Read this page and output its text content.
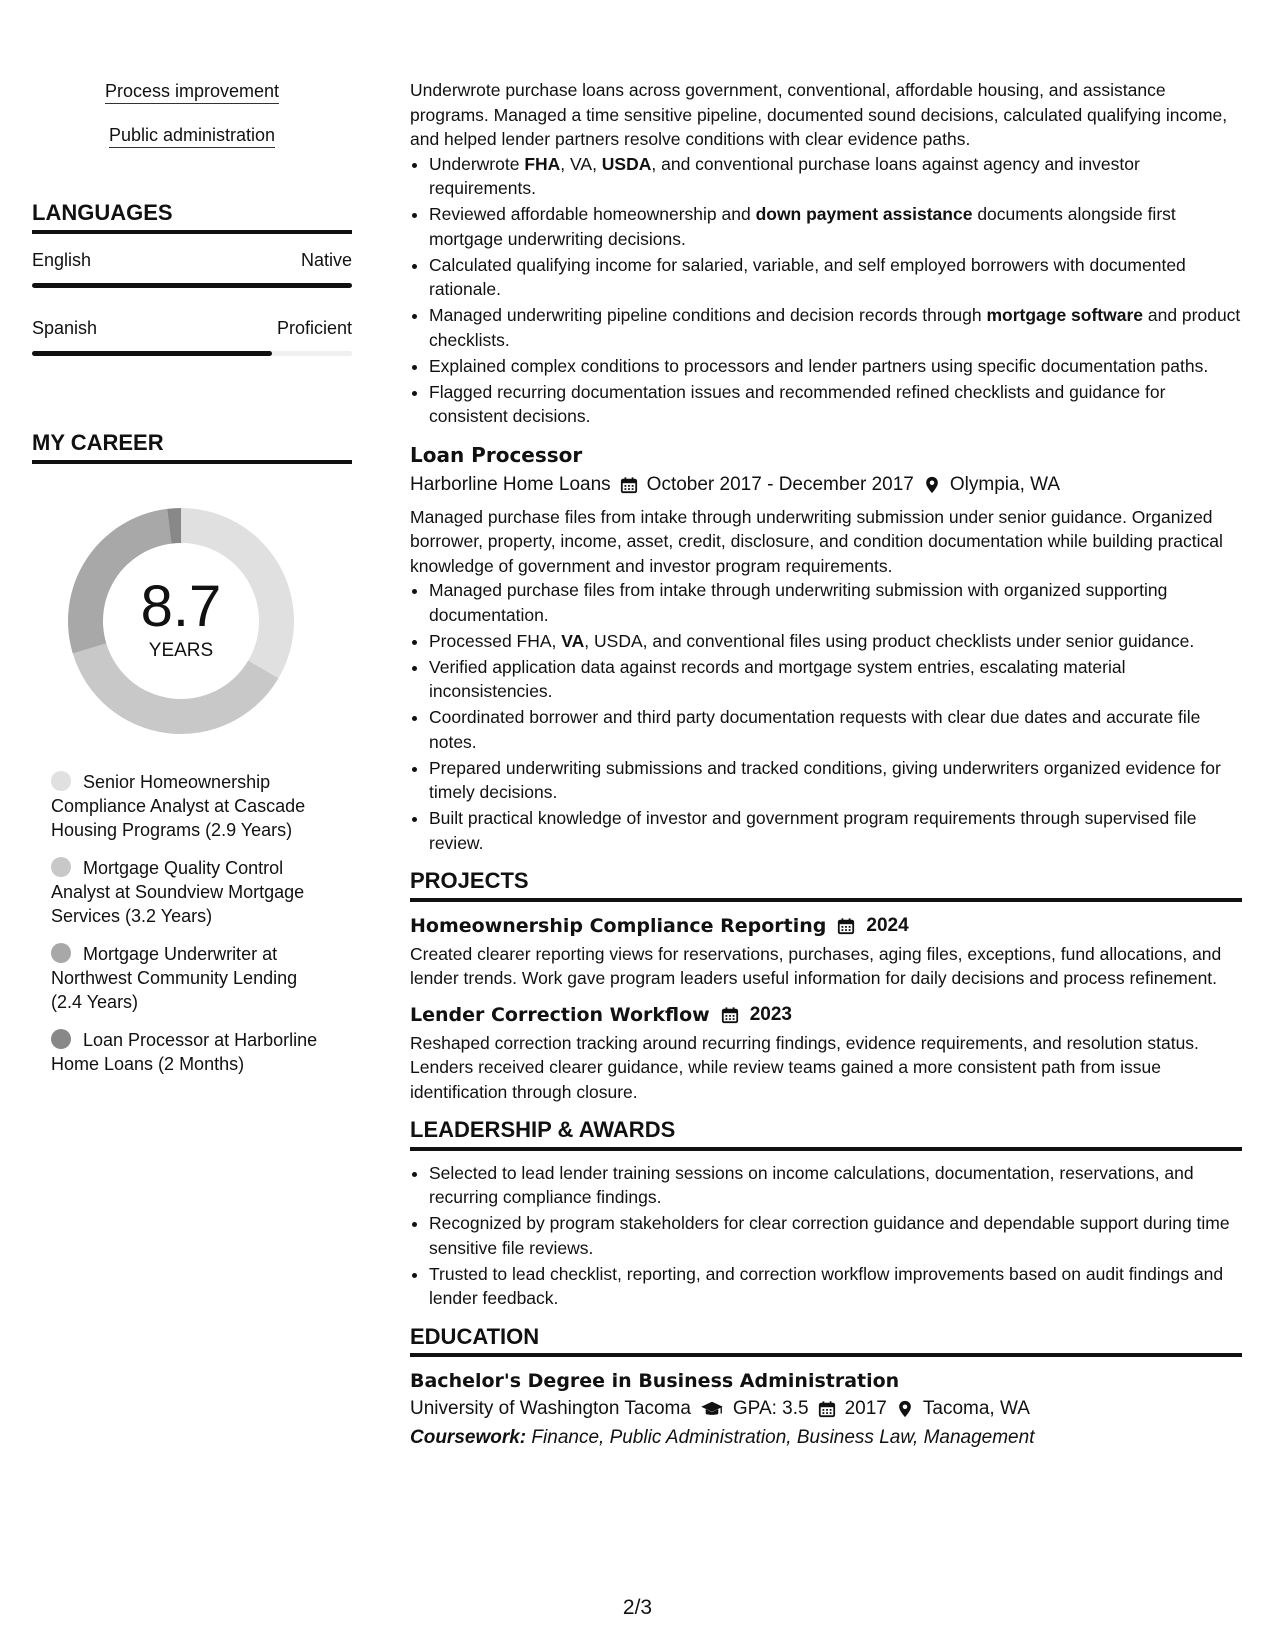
Process improvement
Public administration
LANGUAGES
English	Native
Spanish	Proficient
MY CAREER
8.7
YEARS
Senior Homeownership Compliance Analyst at Cascade Housing Programs (2.9 Years)
Mortgage Quality Control Analyst at Soundview Mortgage Services (3.2 Years)
Mortgage Underwriter at Northwest Community Lending (2.4 Years)
Loan Processor at Harborline Home Loans (2 Months)

Underwrote purchase loans across government, conventional, affordable housing, and assistance programs. Managed a time sensitive pipeline, documented sound decisions, calculated qualifying income, and helped lender partners resolve conditions with clear evidence paths.

• Underwrote FHA, VA, USDA, and conventional purchase loans against agency and investor requirements.
• Reviewed affordable homeownership and down payment assistance documents alongside first mortgage underwriting decisions.
• Calculated qualifying income for salaried, variable, and self employed borrowers with documented rationale.
• Managed underwriting pipeline conditions and decision records through mortgage software and product checklists.
• Explained complex conditions to processors and lender partners using specific documentation paths.
• Flagged recurring documentation issues and recommended refined checklists and guidance for consistent decisions.
Loan Processor
Harborline Home Loans October 2017 - December 2017 Olympia, WA

Managed purchase files from intake through underwriting submission under senior guidance. Organized borrower, property, income, asset, credit, disclosure, and condition documentation while building practical knowledge of government and investor program requirements.

• Managed purchase files from intake through underwriting submission with organized supporting documentation.
• Processed FHA, VA, USDA, and conventional files using product checklists under senior guidance.
• Verified application data against records and mortgage system entries, escalating material inconsistencies.
• Coordinated borrower and third party documentation requests with clear due dates and accurate file notes.
• Prepared underwriting submissions and tracked conditions, giving underwriters organized evidence for timely decisions.
• Built practical knowledge of investor and government program requirements through supervised file review.
PROJECTS
Homeownership Compliance Reporting 2024

Created clearer reporting views for reservations, purchases, aging files, exceptions, fund allocations, and lender trends. Work gave program leaders useful information for daily decisions and process refinement.

Lender Correction Workflow 2023

Reshaped correction tracking around recurring findings, evidence requirements, and resolution status. Lenders received clearer guidance, while review teams gained a more consistent path from issue identification through closure.

LEADERSHIP & AWARDS
• Selected to lead lender training sessions on income calculations, documentation, reservations, and recurring compliance findings.
• Recognized by program stakeholders for clear correction guidance and dependable support during time sensitive file reviews.
• Trusted to lead checklist, reporting, and correction workflow improvements based on audit findings and lender feedback.
EDUCATION
Bachelor's Degree in Business Administration
University of Washington Tacoma GPA: 3.5 2017 Tacoma, WA
Coursework: Finance, Public Administration, Business Law, Management
2/3
